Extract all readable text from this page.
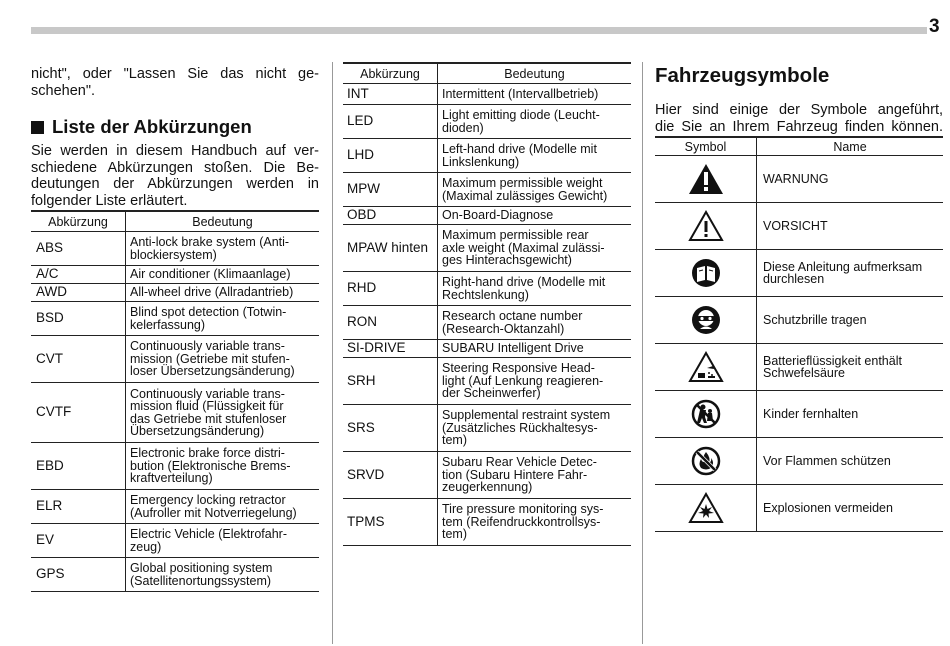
3

nicht", oder "Lassen Sie das nicht ge-
schehen".

Liste der Abkürzungen

Sie werden in diesem Handbuch auf ver-
schiedene Abkürzungen stoßen. Die Be-
deutungen der Abkürzungen werden in
folgender Liste erläutert.

Abkürzung	Bedeutung
ABS	Anti-lock brake system (Anti-
blockiersystem)

A/C	Air conditioner (Klimaanlage)

AWD	All-wheel drive (Allradantrieb)

BSD	Blind spot detection (Totwin-
kelerfassung)

CVT	Continuously variable trans-
mission (Getriebe mit stufen-
loser Übersetzungsänderung)

CVTF	Continuously variable trans-
mission fluid (Flüssigkeit für
das Getriebe mit stufenloser
Übersetzungsänderung)

EBD	Electronic brake force distri-
bution (Elektronische Brems-
kraftverteilung)

ELR	Emergency locking retractor
(Aufroller mit Notverriegelung)

EV	Electric Vehicle (Elektrofahr-
zeug)

GPS	Global positioning system
(Satellitenortungssystem)
Abkürzung	Bedeutung
INT	Intermittent (Intervallbetrieb)

LED	Light emitting diode (Leucht-
dioden)

LHD	Left-hand drive (Modelle mit
Linkslenkung)

MPW	Maximum permissible weight
(Maximal zulässiges Gewicht)

OBD	On-Board-Diagnose

MPAW hinten	Maximum permissible rear
axle weight (Maximal zulässi-
ges Hinterachsgewicht)

RHD	Right-hand drive (Modelle mit
Rechtslenkung)

RON	Research octane number
(Research-Oktanzahl)

SI-DRIVE	SUBARU Intelligent Drive

SRH	Steering Responsive Head-
light (Auf Lenkung reagieren-
der Scheinwerfer)

SRS	Supplemental restraint system
(Zusätzliches Rückhaltesys-
tem)

SRVD	Subaru Rear Vehicle Detec-
tion (Subaru Hintere Fahr-
zeugerkennung)

TPMS	Tire pressure monitoring sys-
tem (Reifendruckkontrollsys-
tem)
Fahrzeugsymbole

Hier sind einige der Symbole angeführt,
die Sie an Ihrem Fahrzeug finden können.

Symbol	Name

WARNUNG

VORSICHT

Diese Anleitung aufmerksam
durchlesen

Schutzbrille tragen

Batterieflüssigkeit enthält
Schwefelsäure

Kinder fernhalten

Vor Flammen schützen

Explosionen vermeiden
